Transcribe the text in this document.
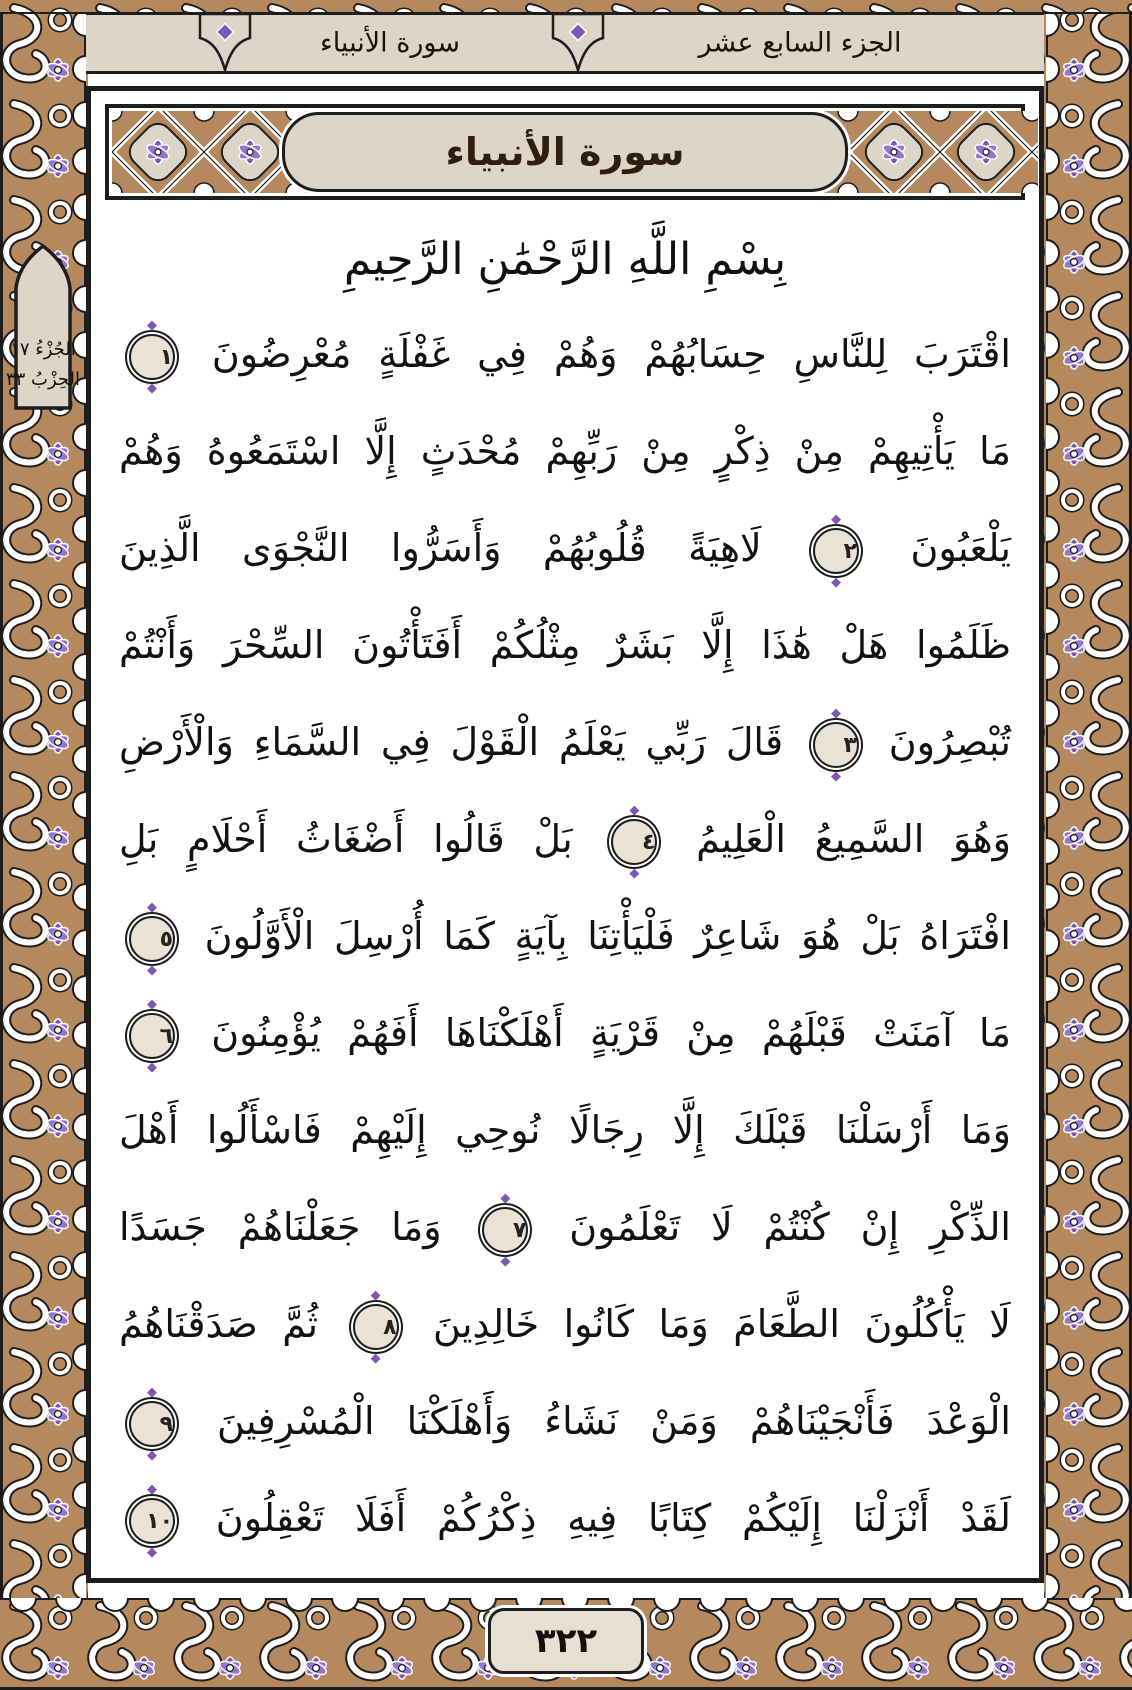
سورة الأنبياء	الجزء السابع عشر
سورة الأنبياء
بِسْمِ اللَّهِ الرَّحْمَٰنِ الرَّحِيمِ
اقْتَرَبَ لِلنَّاسِ حِسَابُهُمْ وَهُمْ فِي غَفْلَةٍ مُعْرِضُونَ ◆ ١ ◆
مَا يَأْتِيهِمْ مِنْ ذِكْرٍ مِنْ رَبِّهِمْ مُحْدَثٍ إِلَّا اسْتَمَعُوهُ وَهُمْ
يَلْعَبُونَ ◆ ٢ ◆ لَاهِيَةً قُلُوبُهُمْ وَأَسَرُّوا النَّجْوَى الَّذِينَ
ظَلَمُوا هَلْ هَٰذَا إِلَّا بَشَرٌ مِثْلُكُمْ أَفَتَأْتُونَ السِّحْرَ وَأَنْتُمْ
تُبْصِرُونَ ◆ ٣ ◆ قَالَ رَبِّي يَعْلَمُ الْقَوْلَ فِي السَّمَاءِ وَالْأَرْضِ
وَهُوَ السَّمِيعُ الْعَلِيمُ ◆ ٤ ◆ بَلْ قَالُوا أَضْغَاثُ أَحْلَامٍ بَلِ
افْتَرَاهُ بَلْ هُوَ شَاعِرٌ فَلْيَأْتِنَا بِآيَةٍ كَمَا أُرْسِلَ الْأَوَّلُونَ ◆ ٥ ◆
مَا آمَنَتْ قَبْلَهُمْ مِنْ قَرْيَةٍ أَهْلَكْنَاهَا أَفَهُمْ يُؤْمِنُونَ ◆ ٦ ◆
وَمَا أَرْسَلْنَا قَبْلَكَ إِلَّا رِجَالًا نُوحِي إِلَيْهِمْ فَاسْأَلُوا أَهْلَ
الذِّكْرِ إِنْ كُنْتُمْ لَا تَعْلَمُونَ ◆ ٧ ◆ وَمَا جَعَلْنَاهُمْ جَسَدًا
لَا يَأْكُلُونَ الطَّعَامَ وَمَا كَانُوا خَالِدِينَ ◆ ٨ ◆ ثُمَّ صَدَقْنَاهُمُ
الْوَعْدَ فَأَنْجَيْنَاهُمْ وَمَنْ نَشَاءُ وَأَهْلَكْنَا الْمُسْرِفِينَ ◆ ٩ ◆
لَقَدْ أَنْزَلْنَا إِلَيْكُمْ كِتَابًا فِيهِ ذِكْرُكُمْ أَفَلَا تَعْقِلُونَ ◆ ١٠ ◆
الجُزْءُ ١٧
الحِزْبُ ٣٣
٣٢٢
